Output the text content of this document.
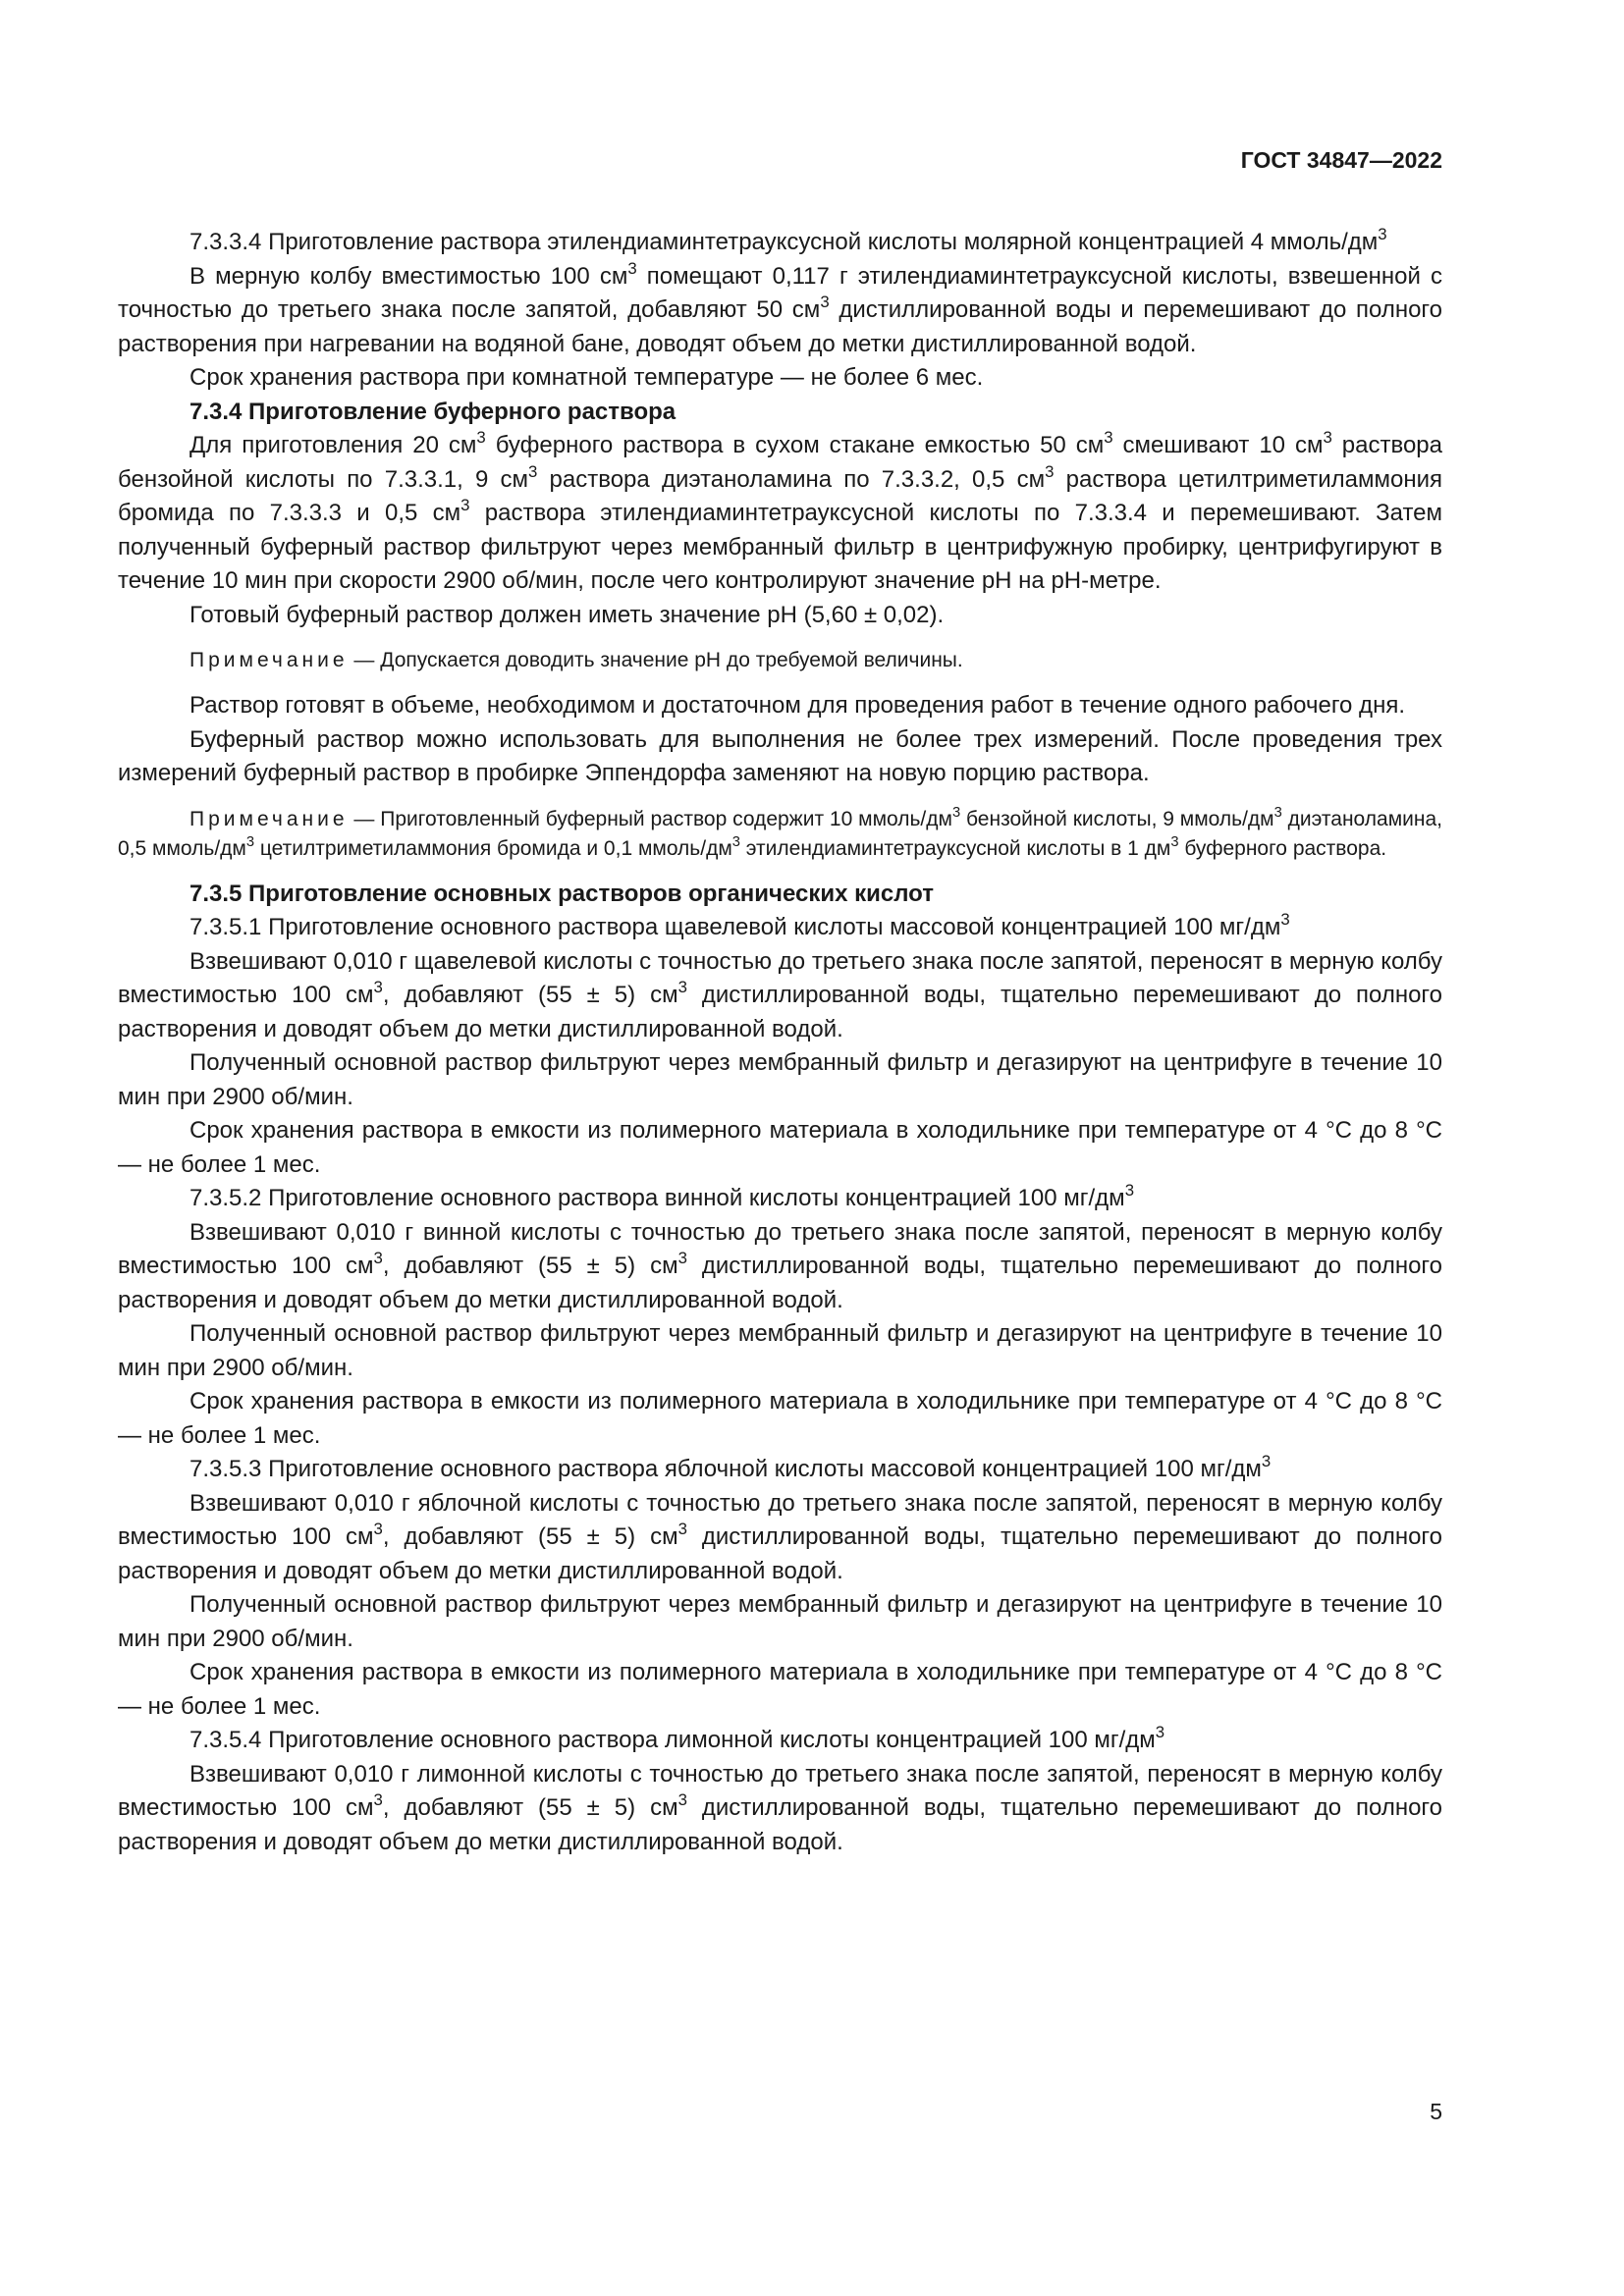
ГОСТ 34847—2022

7.3.3.4 Приготовление раствора этилендиаминтетрауксусной кислоты молярной концентрацией 4 ммоль/$дм^3$

В мерную колбу вместимостью 100 $см^3$ помещают 0,117 г этилендиаминтетрауксусной кислоты, взвешенной с точностью до третьего знака после запятой, добавляют 50 $см^3$ дистиллированной воды и перемешивают до полного растворения при нагревании на водяной бане, доводят объем до метки дистиллированной водой.

Срок хранения раствора при комнатной температуре — не более 6 мес.

7.3.4 Приготовление буферного раствора

Для приготовления 20 $см^3$ буферного раствора в сухом стакане емкостью 50 $см^3$ смешивают 10 $см^3$ раствора бензойной кислоты по 7.3.3.1, 9 $см^3$ раствора диэтаноламина по 7.3.3.2, 0,5 $см^3$ раствора цетилтриметиламмония бромида по 7.3.3.3 и 0,5 $см^3$ раствора этилендиаминтетрауксусной кислоты по 7.3.3.4 и перемешивают. Затем полученный буферный раствор фильтруют через мембранный фильтр в центрифужную пробирку, центрифугируют в течение 10 мин при скорости 2900 об/мин, после чего контролируют значение pH на pH-метре.

Готовый буферный раствор должен иметь значение pH (5,60 ± 0,02).

Примечание — Допускается доводить значение pH до требуемой величины.

Раствор готовят в объеме, необходимом и достаточном для проведения работ в течение одного рабочего дня.

Буферный раствор можно использовать для выполнения не более трех измерений. После проведения трех измерений буферный раствор в пробирке Эппендорфа заменяют на новую порцию раствора.

Примечание — Приготовленный буферный раствор содержит 10 ммоль/$дм^3$ бензойной кислоты, 9 ммоль/$дм^3$ диэтаноламина, 0,5 ммоль/$дм^3$ цетилтриметиламмония бромида и 0,1 ммоль/$дм^3$ этилендиаминтетрауксусной кислоты в 1 $дм^3$ буферного раствора.

7.3.5 Приготовление основных растворов органических кислот

7.3.5.1 Приготовление основного раствора щавелевой кислоты массовой концентрацией 100 $мг/дм^3$

Взвешивают 0,010 г щавелевой кислоты с точностью до третьего знака после запятой, переносят в мерную колбу вместимостью 100 $см^3$, добавляют (55 ± 5) $см^3$ дистиллированной воды, тщательно перемешивают до полного растворения и доводят объем до метки дистиллированной водой.

Полученный основной раствор фильтруют через мембранный фильтр и дегазируют на центрифуге в течение 10 мин при 2900 об/мин.

Срок хранения раствора в емкости из полимерного материала в холодильнике при температуре от 4 °С до 8 °С — не более 1 мес.

7.3.5.2 Приготовление основного раствора винной кислоты концентрацией 100 $мг/дм^3$

Взвешивают 0,010 г винной кислоты с точностью до третьего знака после запятой, переносят в мерную колбу вместимостью 100 $см^3$, добавляют (55 ± 5) $см^3$ дистиллированной воды, тщательно перемешивают до полного растворения и доводят объем до метки дистиллированной водой.

Полученный основной раствор фильтруют через мембранный фильтр и дегазируют на центрифуге в течение 10 мин при 2900 об/мин.

Срок хранения раствора в емкости из полимерного материала в холодильнике при температуре от 4 °С до 8 °С — не более 1 мес.

7.3.5.3 Приготовление основного раствора яблочной кислоты массовой концентрацией 100 $мг/дм^3$

Взвешивают 0,010 г яблочной кислоты с точностью до третьего знака после запятой, переносят в мерную колбу вместимостью 100 $см^3$, добавляют (55 ± 5) $см^3$ дистиллированной воды, тщательно перемешивают до полного растворения и доводят объем до метки дистиллированной водой.

Полученный основной раствор фильтруют через мембранный фильтр и дегазируют на центрифуге в течение 10 мин при 2900 об/мин.

Срок хранения раствора в емкости из полимерного материала в холодильнике при температуре от 4 °С до 8 °С — не более 1 мес.

7.3.5.4 Приготовление основного раствора лимонной кислоты концентрацией 100 $мг/дм^3$

Взвешивают 0,010 г лимонной кислоты с точностью до третьего знака после запятой, переносят в мерную колбу вместимостью 100 $см^3$, добавляют (55 ± 5) $см^3$ дистиллированной воды, тщательно перемешивают до полного растворения и доводят объем до метки дистиллированной водой.

5
